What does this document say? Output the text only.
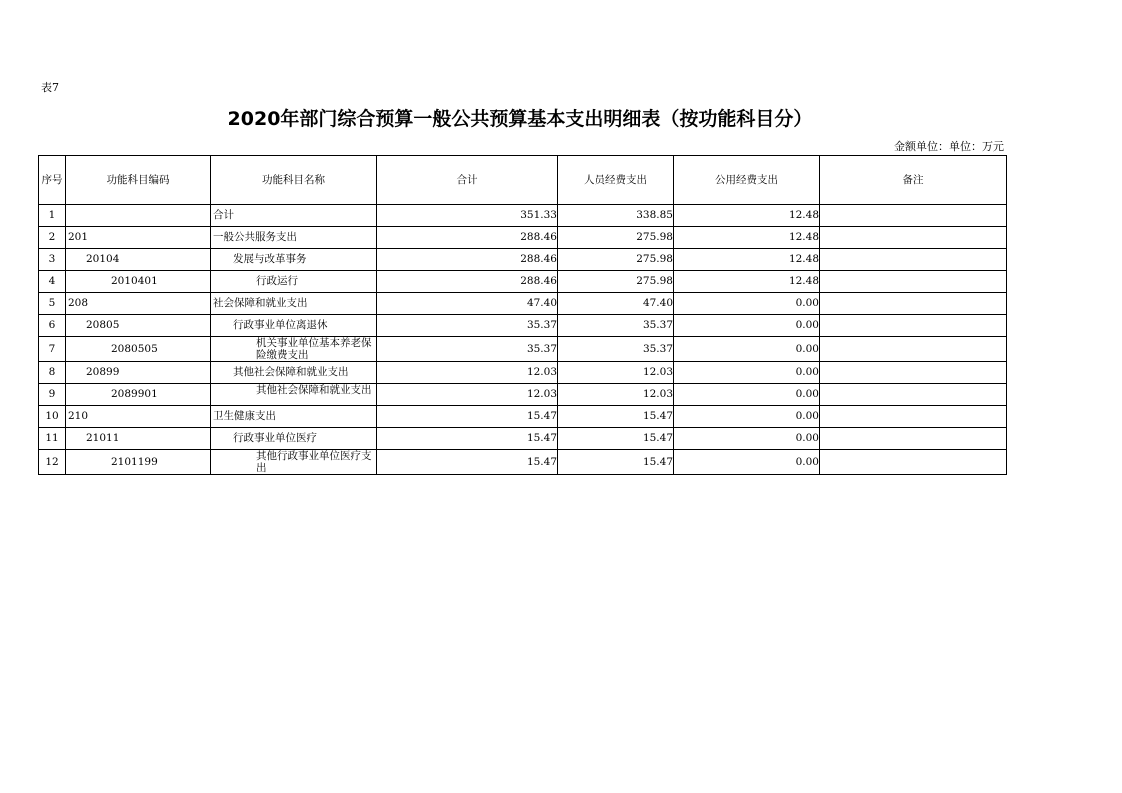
表7
2020年部门综合预算一般公共预算基本支出明细表（按功能科目分）
金额单位：单位：万元
序号	功能科目编码	功能科目名称	合计	人员经费支出	公用经费支出	备注
1		合计	351.33	338.85	12.48	
2	201	一般公共服务支出	288.46	275.98	12.48	
3	20104	发展与改革事务	288.46	275.98	12.48	
4	2010401	行政运行	288.46	275.98	12.48	
5	208	社会保障和就业支出	47.40	47.40	0.00	
6	20805	行政事业单位离退休	35.37	35.37	0.00	
7	2080505	机关事业单位基本养老保险缴费支出	35.37	35.37	0.00	
8	20899	其他社会保障和就业支出	12.03	12.03	0.00	
9	2089901	其他社会保障和就业支出	12.03	12.03	0.00	
10	210	卫生健康支出	15.47	15.47	0.00	
11	21011	行政事业单位医疗	15.47	15.47	0.00	
12	2101199	其他行政事业单位医疗支出	15.47	15.47	0.00	
